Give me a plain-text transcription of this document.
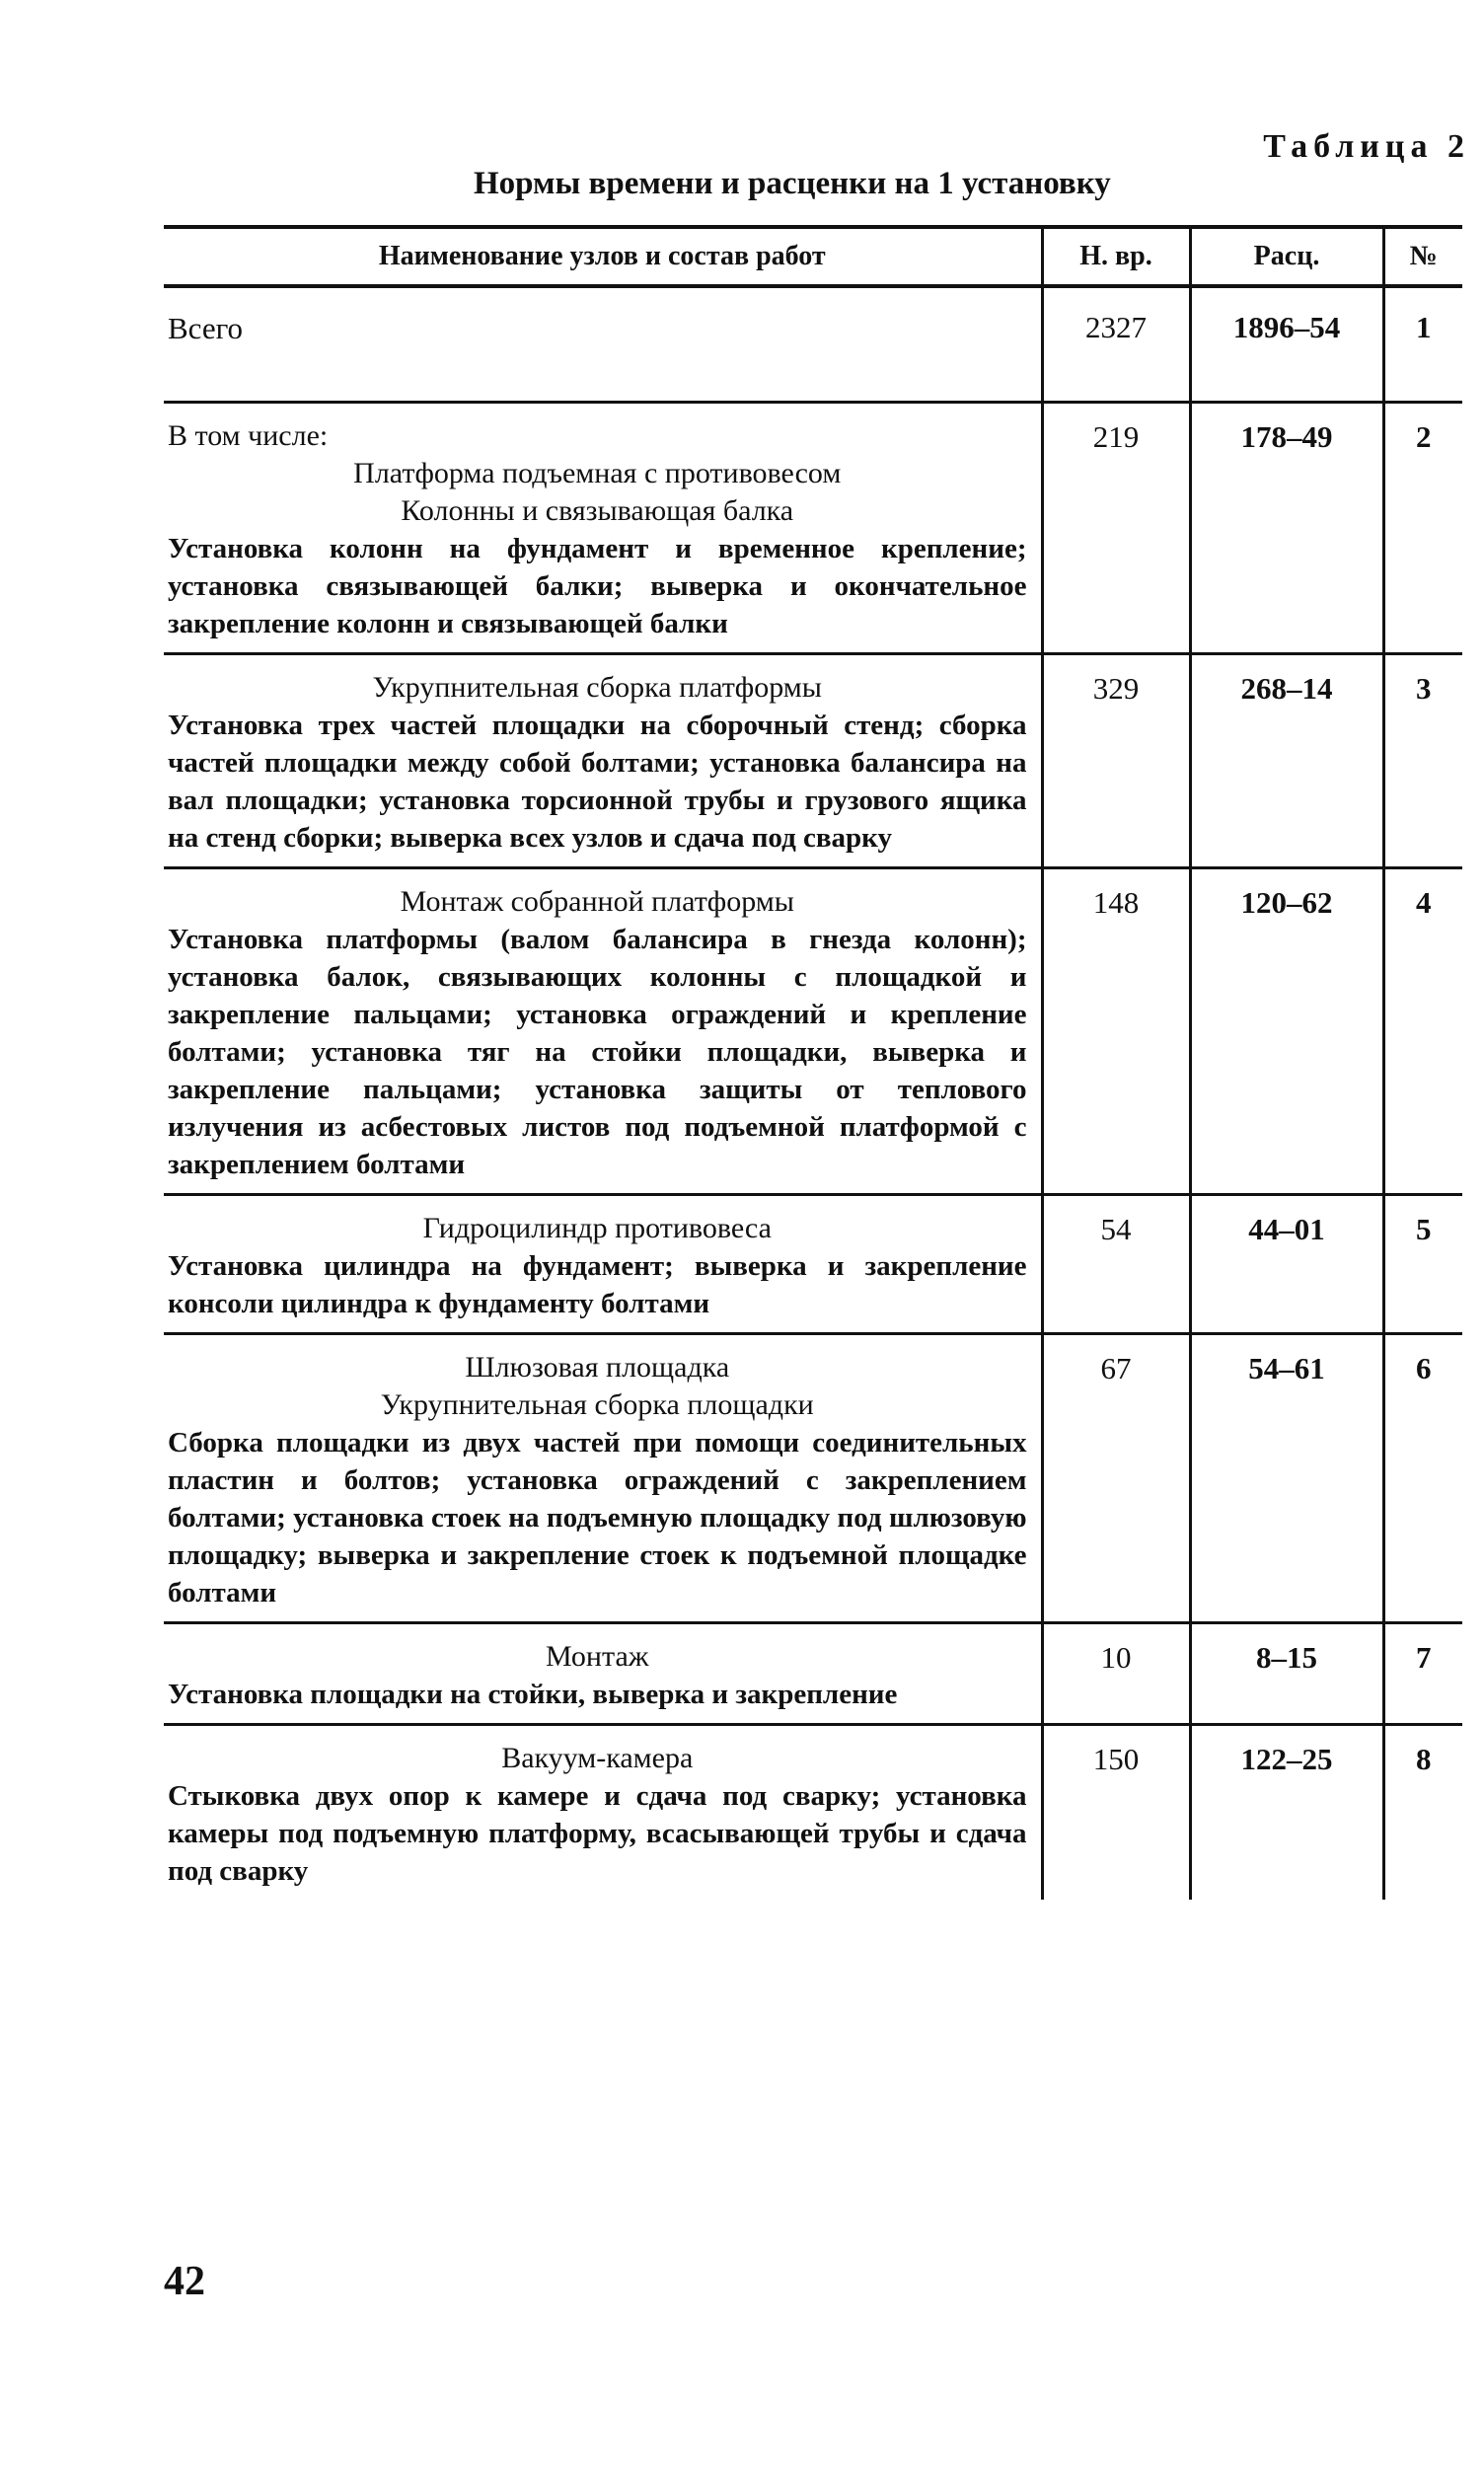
Таблица 2
Нормы времени и расценки на 1 установку
Наименование узлов и состав работ	Н. вр.	Расц.	№

Всего	2327	1896–54	1

В том числе:
Платформа подъемная с противовесом
Колонны и связывающая балка
Установка колонн на фундамент и временное крепление; установка связывающей балки; выверка и окончательное закрепление колонн и связывающей балки	219	178–49	2

Укрупнительная сборка платформы
Установка трех частей площадки на сборочный стенд; сборка частей площадки между собой болтами; установка балансира на вал площадки; установка торсионной трубы и грузового ящика на стенд сборки; выверка всех узлов и сдача под сварку	329	268–14	3

Монтаж собранной платформы
Установка платформы (валом балансира в гнезда колонн); установка балок, связывающих колонны с площадкой и закрепление пальцами; установка ограждений и крепление болтами; установка тяг на стойки площадки, выверка и закрепление пальцами; установка защиты от теплового излучения из асбестовых листов под подъемной платформой с закреплением болтами	148	120–62	4

Гидроцилиндр противовеса
Установка цилиндра на фундамент; выверка и закрепление консоли цилиндра к фундаменту болтами	54	44–01	5

Шлюзовая площадка
Укрупнительная сборка площадки
Сборка площадки из двух частей при помощи соединительных пластин и болтов; установка ограждений с закреплением болтами; установка стоек на подъемную площадку под шлюзовую площадку; выверка и закрепление стоек к подъемной площадке болтами	67	54–61	6

Монтаж
Установка площадки на стойки, выверка и закрепление	10	8–15	7

Вакуум-камера
Стыковка двух опор к камере и сдача под сварку; установка камеры под подъемную платформу, всасывающей трубы и сдача под сварку	150	122–25	8
42
